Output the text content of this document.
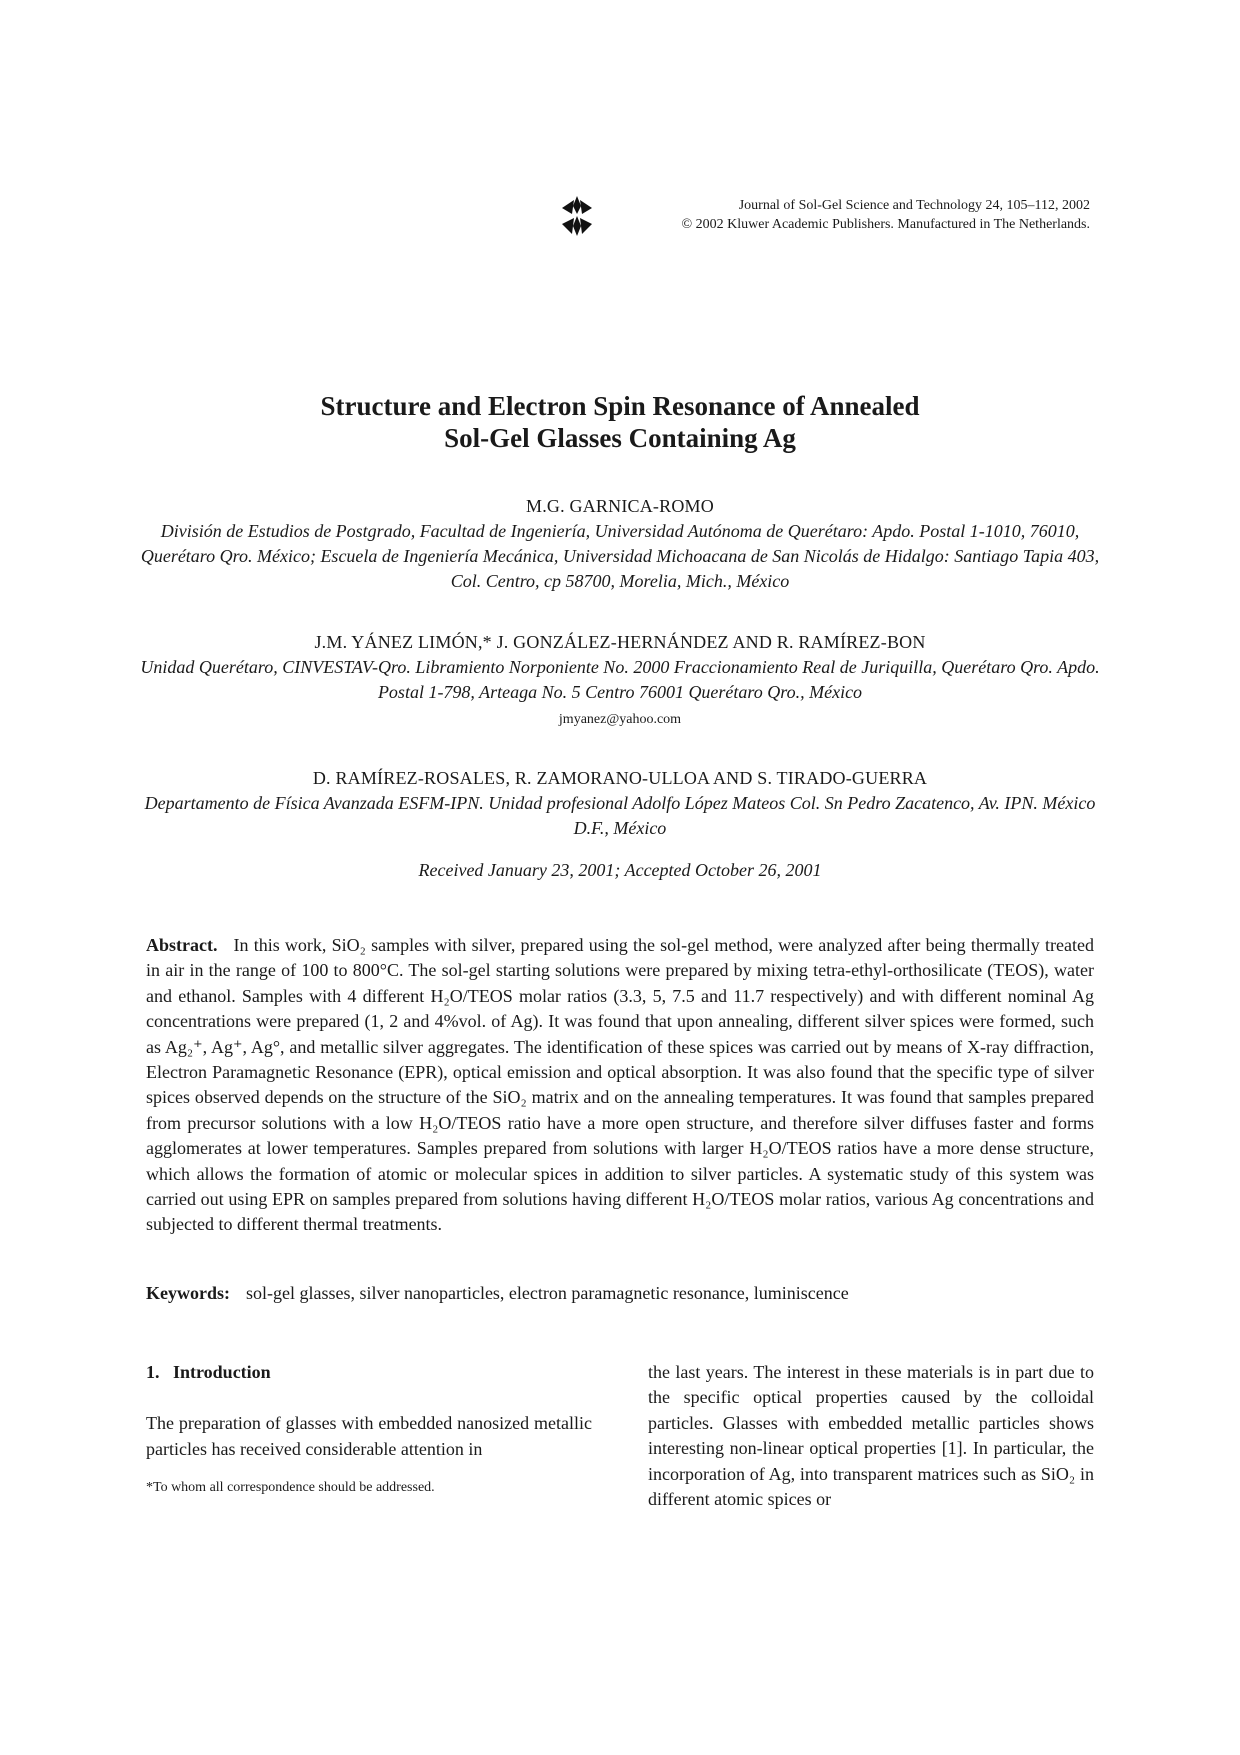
Journal of Sol-Gel Science and Technology 24, 105–112, 2002
© 2002 Kluwer Academic Publishers. Manufactured in The Netherlands.
Structure and Electron Spin Resonance of Annealed
Sol-Gel Glasses Containing Ag
M.G. GARNICA-ROMO
División de Estudios de Postgrado, Facultad de Ingeniería, Universidad Autónoma de Querétaro: Apdo. Postal 1-1010, 76010, Querétaro Qro. México; Escuela de Ingeniería Mecánica, Universidad Michoacana de San Nicolás de Hidalgo: Santiago Tapia 403, Col. Centro, cp 58700, Morelia, Mich., México
J.M. YÁNEZ LIMÓN,* J. GONZÁLEZ-HERNÁNDEZ AND R. RAMÍREZ-BON
Unidad Querétaro, CINVESTAV-Qro. Libramiento Norponiente No. 2000 Fraccionamiento Real de Juriquilla, Querétaro Qro. Apdo. Postal 1-798, Arteaga No. 5 Centro 76001 Querétaro Qro., México
jmyanez@yahoo.com
D. RAMÍREZ-ROSALES, R. ZAMORANO-ULLOA AND S. TIRADO-GUERRA
Departamento de Física Avanzada ESFM-IPN. Unidad profesional Adolfo López Mateos Col. Sn Pedro Zacatenco, Av. IPN. México D.F., México
Received January 23, 2001; Accepted October 26, 2001
Abstract. In this work, SiO₂ samples with silver, prepared using the sol-gel method, were analyzed after being thermally treated in air in the range of 100 to 800°C. The sol-gel starting solutions were prepared by mixing tetra-ethyl-orthosilicate (TEOS), water and ethanol. Samples with 4 different H₂O/TEOS molar ratios (3.3, 5, 7.5 and 11.7 respectively) and with different nominal Ag concentrations were prepared (1, 2 and 4%vol. of Ag). It was found that upon annealing, different silver spices were formed, such as Ag₂⁺, Ag⁺, Ag°, and metallic silver aggregates. The identification of these spices was carried out by means of X-ray diffraction, Electron Paramagnetic Resonance (EPR), optical emission and optical absorption. It was also found that the specific type of silver spices observed depends on the structure of the SiO₂ matrix and on the annealing temperatures. It was found that samples prepared from precursor solutions with a low H₂O/TEOS ratio have a more open structure, and therefore silver diffuses faster and forms agglomerates at lower temperatures. Samples prepared from solutions with larger H₂O/TEOS ratios have a more dense structure, which allows the formation of atomic or molecular spices in addition to silver particles. A systematic study of this system was carried out using EPR on samples prepared from solutions having different H₂O/TEOS molar ratios, various Ag concentrations and subjected to different thermal treatments.
Keywords: sol-gel glasses, silver nanoparticles, electron paramagnetic resonance, luminiscence
1.   Introduction
The preparation of glasses with embedded nanosized metallic particles has received considerable attention in
the last years. The interest in these materials is in part due to the specific optical properties caused by the colloidal particles. Glasses with embedded metallic particles shows interesting non-linear optical properties [1]. In particular, the incorporation of Ag, into transparent matrices such as SiO₂ in different atomic spices or
*To whom all correspondence should be addressed.
